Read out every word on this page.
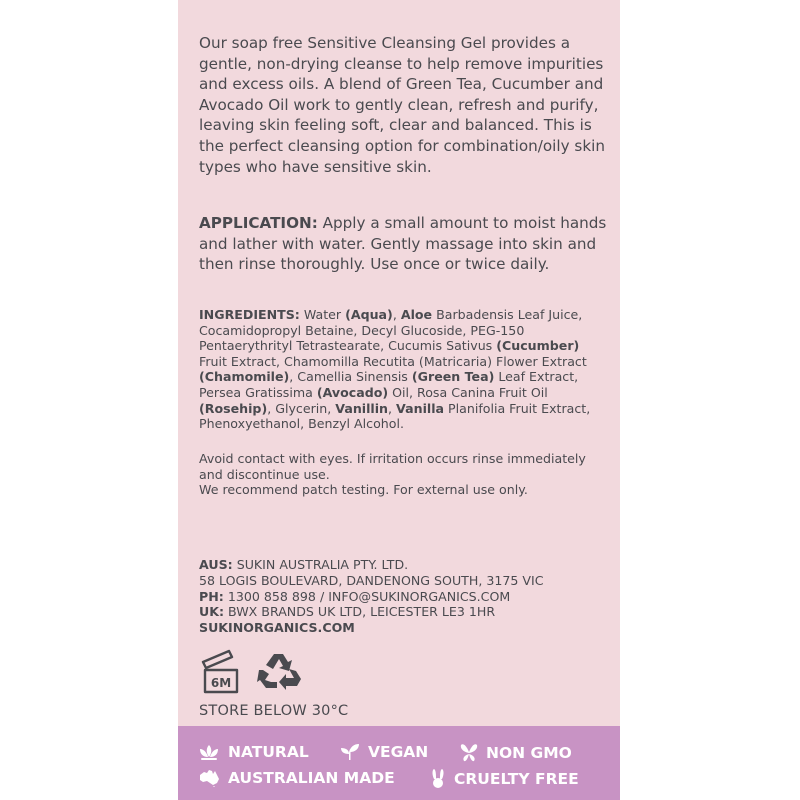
Our soap free Sensitive Cleansing Gel provides a gentle, non-drying cleanse to help remove impurities and excess oils. A blend of Green Tea, Cucumber and Avocado Oil work to gently clean, refresh and purify, leaving skin feeling soft, clear and balanced. This is the perfect cleansing option for combination/oily skin types who have sensitive skin.

APPLICATION: Apply a small amount to moist hands and lather with water. Gently massage into skin and then rinse thoroughly. Use once or twice daily.

INGREDIENTS: Water (Aqua), Aloe Barbadensis Leaf Juice, Cocamidopropyl Betaine, Decyl Glucoside, PEG-150 Pentaerythrityl Tetrastearate, Cucumis Sativus (Cucumber) Fruit Extract, Chamomilla Recutita (Matricaria) Flower Extract (Chamomile), Camellia Sinensis (Green Tea) Leaf Extract, Persea Gratissima (Avocado) Oil, Rosa Canina Fruit Oil (Rosehip), Glycerin, Vanillin, Vanilla Planifolia Fruit Extract, Phenoxyethanol, Benzyl Alcohol.

Avoid contact with eyes. If irritation occurs rinse immediately and discontinue use.
We recommend patch testing. For external use only.
AUS: SUKIN AUSTRALIA PTY. LTD.
58 LOGIS BOULEVARD, DANDENONG SOUTH, 3175 VIC
PH: 1300 858 898 / INFO@SUKINORGANICS.COM
UK: BWX BRANDS UK LTD, LEICESTER LE3 1HR
SUKINORGANICS.COM
6M
STORE BELOW 30°C
NATURAL	VEGAN	NON GMO
AUSTRALIAN MADE	CRUELTY FREE
